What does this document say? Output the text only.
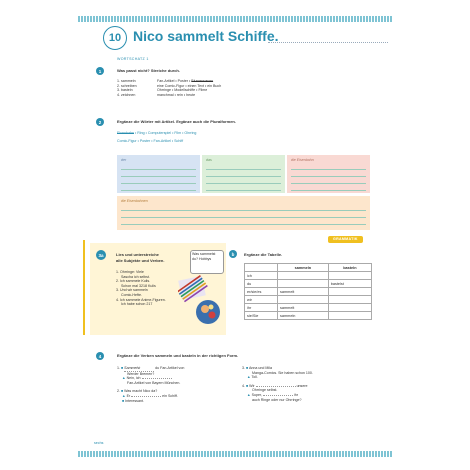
10 Nico sammelt Schiffe.
WORTSCHATZ 1
1	Was passt nicht? Streiche durch.
1. sammeln	Fan-Artikel • Poster • Blumenvasen
2. schreiben	eine Comic-Figur • einen Text • ein Buch
3. basteln	Ohrringe • Modellschiffe • Filme
4. zeichnen	manchmal • rein • heute
2	Ergänze die Wörter mit Artikel. Ergänze auch die Pluralformen.
Eisenbahn • Ring • Computerspiel • Film • Ohrring
Comic-Figur • Poster • Fan-Artikel • Schiff
der	das	die Eisenbahn
die Eisenbahnen
GRAMMATIK
3a	Lies und unterstreiche
alle Subjekte und Verben.
Was sammelst du? Hobbys
1. Ohrringe: Viele
Sascha ich selbst.
2. Ich sammele Kulis.
Schon mal 3218 Kulis
3. Und wir sammeln
Comic-Hefte.
4. Ich sammele Anime-Figuren.
Ich habe schon 217
b	Ergänze die Tabelle.
	sammeln	basteln
ich		
du		bastelst
er/sie/es	sammelt	
wir		
ihr	sammelt	
sie/Sie	sammeln	
4	Ergänze die Verben sammeln und basteln in der richtigen Form.
1. ■ Sammelst	du Fan-Artikel von
Werder Bremen?
▲ Nein, ich
Fan-Artikel von Bayern München.
2. ■ Was macht Nico da?
▲ Er	ein Schiff.
■ Interessant.
3. ■ Anna und Mila
Manga-Comics. Sie haben schon 100.
▲ Toll.
4. ■ Wir	unsere
Ohrringe selbst.
▲ Super,	ihr
auch Ringe oder nur Ohrringe?
sechs
